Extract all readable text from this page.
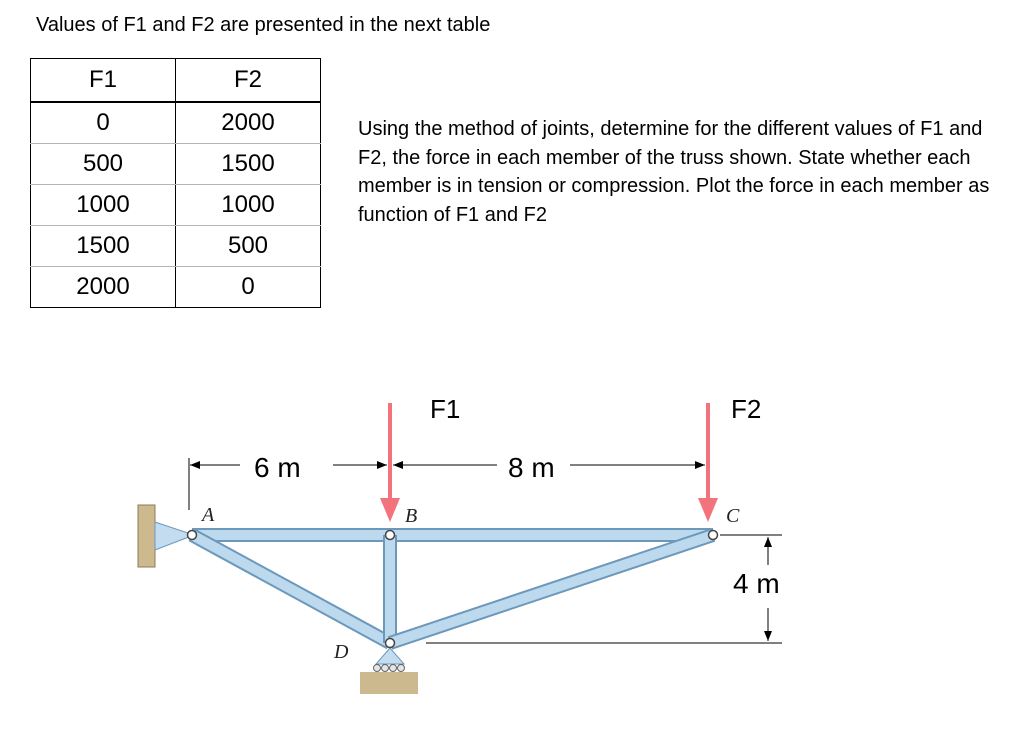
Values of F1 and F2 are presented in the next table
F1	F2
0	2000
500	1500
1000	1000
1500	500
2000	0

Using the method of joints, determine for the different values of F1 and F2, the force in each member of the truss shown. State whether each member is in tension or compression. Plot the force in each member as function of F1 and F2

F1	F2
A	B	C
D
6 m	8 m
4 m
